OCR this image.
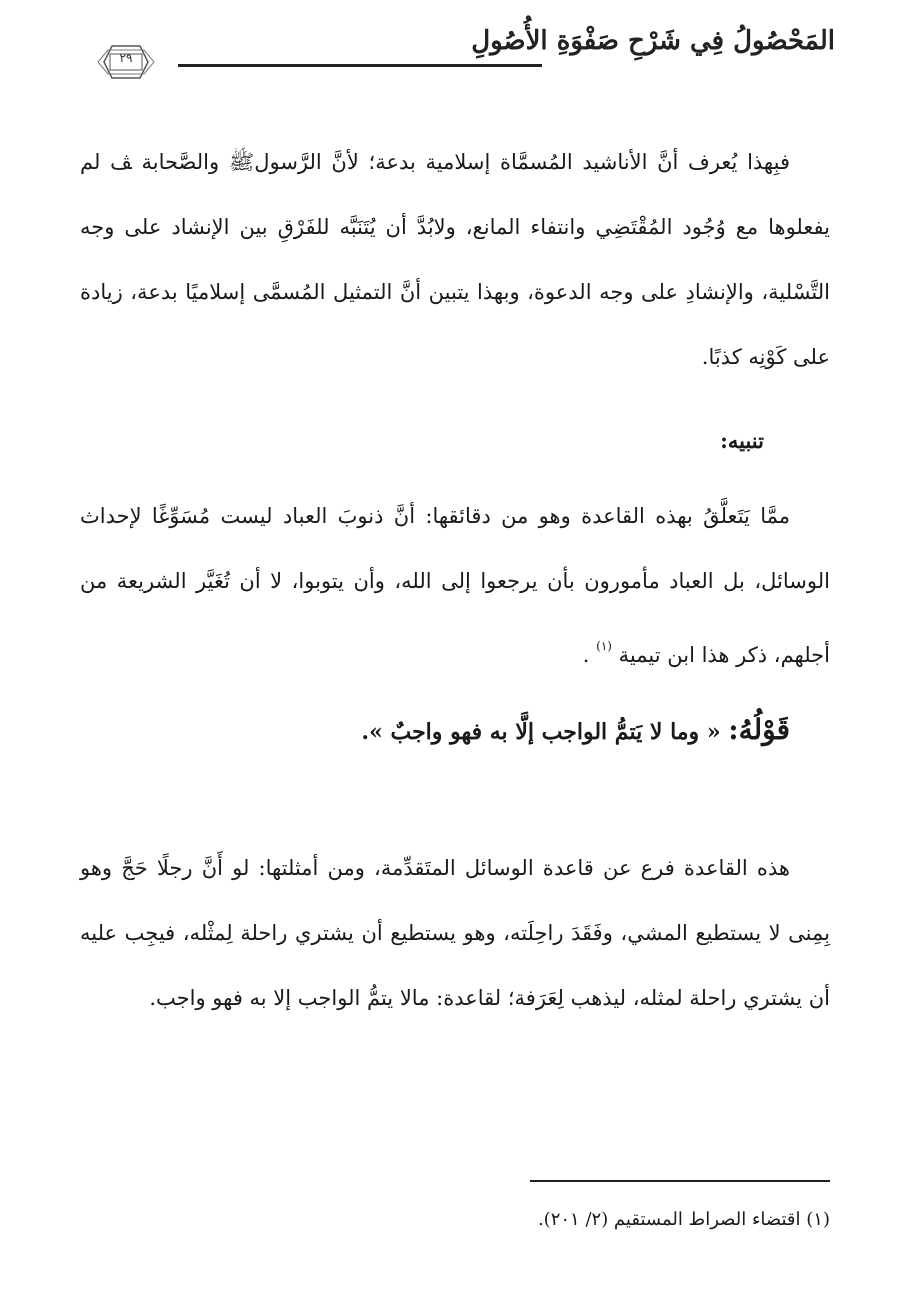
المَحْصُولُ فِي شَرْحِ صَفْوَةِ الأُصُولِ
٢٩
فبِهذا يُعرف أنَّ الأناشيد المُسمَّاة إسلامية بدعة؛ لأنَّ الرَّسولﷺ والصَّحابة ﭫ لم يفعلوها مع وُجُود المُقْتَضِي وانتفاء المانع، ولابُدَّ أن يُتَنَبَّه للفَرْقِ بين الإنشاد على وجه التَّسْلية، والإنشادِ على وجه الدعوة، وبهذا يتبين أنَّ التمثيل المُسمَّى إسلاميًا بدعة، زيادة على كَوْنِه كذبًا.
تنبيه:
ممَّا يَتَعلَّقُ بهذه القاعدة وهو من دقائقها: أنَّ ذنوبَ العباد ليست مُسَوِّغًا لإحداث الوسائل، بل العباد مأمورون بأن يرجعوا إلى الله، وأن يتوبوا، لا أن تُغَيَّر الشريعة من أجلهم، ذكر هذا ابن تيمية $^{(١)}$ .
قَوْلُهُ: « وما لا يَتمُّ الواجب إلَّا به فهو واجبٌ ».
هذه القاعدة فرع عن قاعدة الوسائل المتَقدِّمة، ومن أمثلتها: لو أَنَّ رجلًا حَجَّ وهو بِمِنى لا يستطيع المشي، وفَقَدَ راحِلَته، وهو يستطيع أن يشتري راحلة لِمثْله، فيجِب عليه أن يشتري راحلة لمثله، ليذهب لِعَرَفة؛ لقاعدة: مالا يتمُّ الواجب إلا به فهو واجب.
(١) اقتضاء الصراط المستقيم (٢/ ٢٠١).
